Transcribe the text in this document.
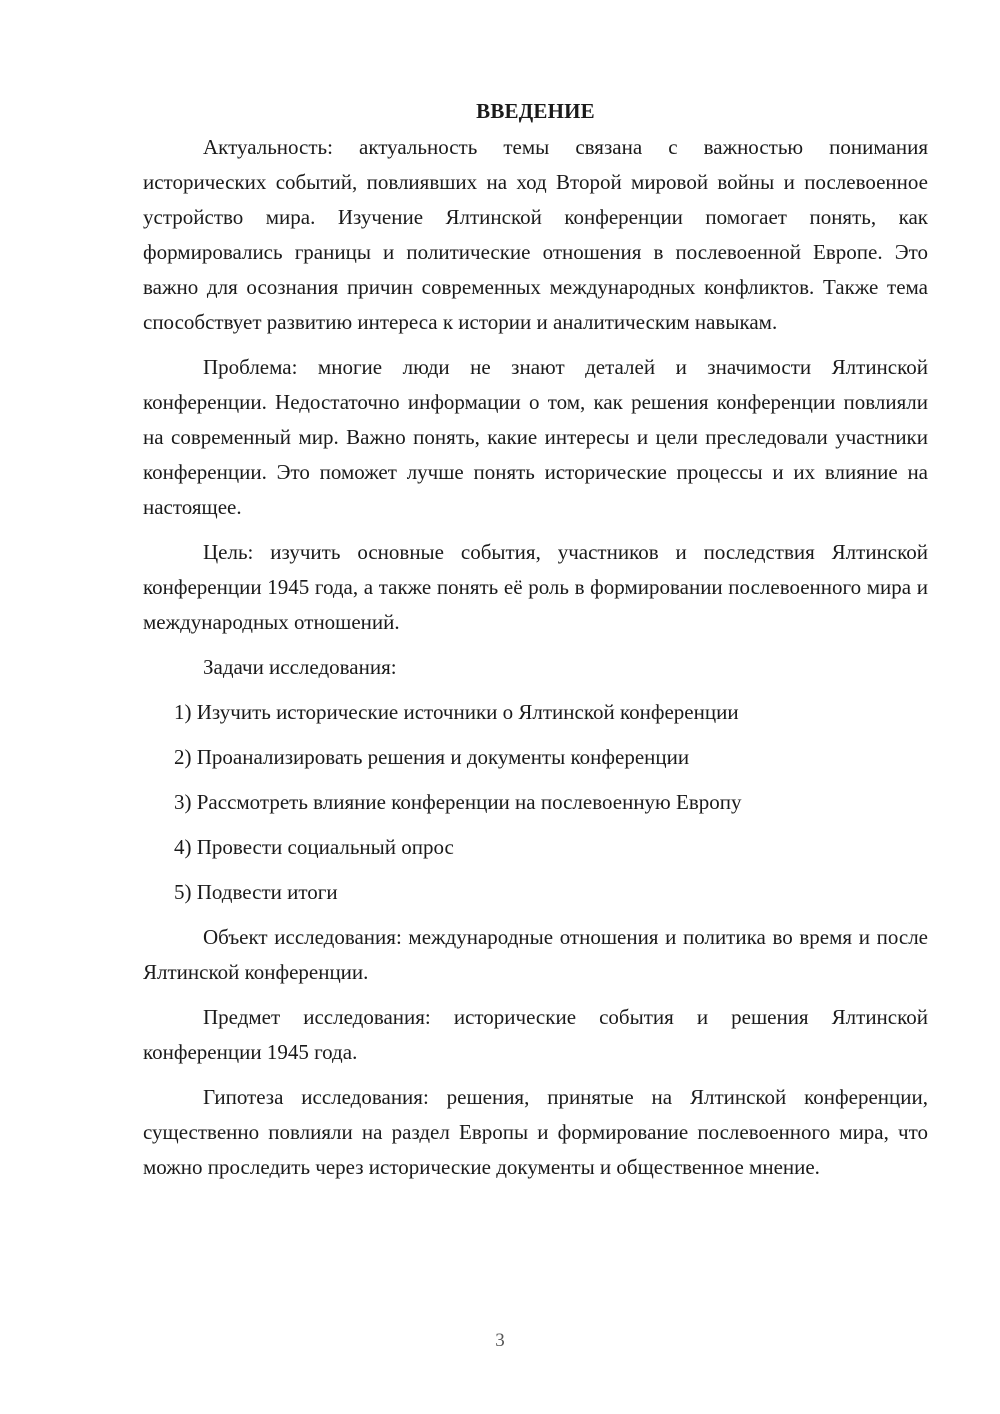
ВВЕДЕНИЕ

Актуальность: актуальность темы связана с важностью понимания исторических событий, повлиявших на ход Второй мировой войны и послевоенное устройство мира. Изучение Ялтинской конференции помогает понять, как формировались границы и политические отношения в послевоенной Европе. Это важно для осознания причин современных международных конфликтов. Также тема способствует развитию интереса к истории и аналитическим навыкам.

Проблема: многие люди не знают деталей и значимости Ялтинской конференции. Недостаточно информации о том, как решения конференции повлияли на современный мир. Важно понять, какие интересы и цели преследовали участники конференции. Это поможет лучше понять исторические процессы и их влияние на настоящее.

Цель: изучить основные события, участников и последствия Ялтинской конференции 1945 года, а также понять её роль в формировании послевоенного мира и международных отношений.

Задачи исследования:

1) Изучить исторические источники о Ялтинской конференции
2) Проанализировать решения и документы конференции
3) Рассмотреть влияние конференции на послевоенную Европу
4) Провести социальный опрос
5) Подвести итоги

Объект исследования: международные отношения и политика во время и после Ялтинской конференции.

Предмет исследования: исторические события и решения Ялтинской конференции 1945 года.

Гипотеза исследования: решения, принятые на Ялтинской конференции, существенно повлияли на раздел Европы и формирование послевоенного мира, что можно проследить через исторические документы и общественное мнение.

3
